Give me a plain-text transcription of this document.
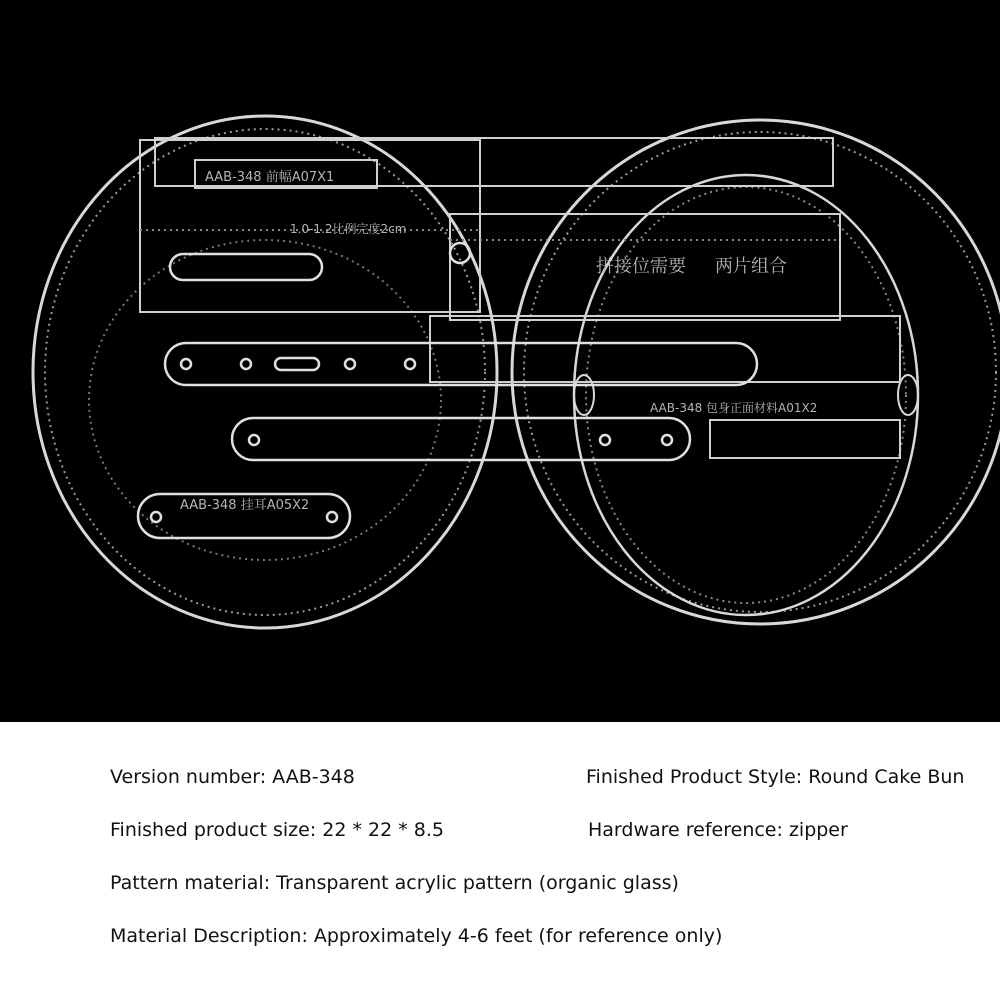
AAB-348 前幅A07X1
1.0-1.2比例完度2cm
两片组合
拼接位需要
AAB-348 包身正面材料A01X2
AAB-348 挂耳A05X2
Version number: AAB-348	Finished Product Style: Round Cake Bun
Finished product size: 22 * 22 * 8.5	Hardware reference: zipper
Pattern material: Transparent acrylic pattern (organic glass)
Material Description: Approximately 4-6 feet (for reference only)
